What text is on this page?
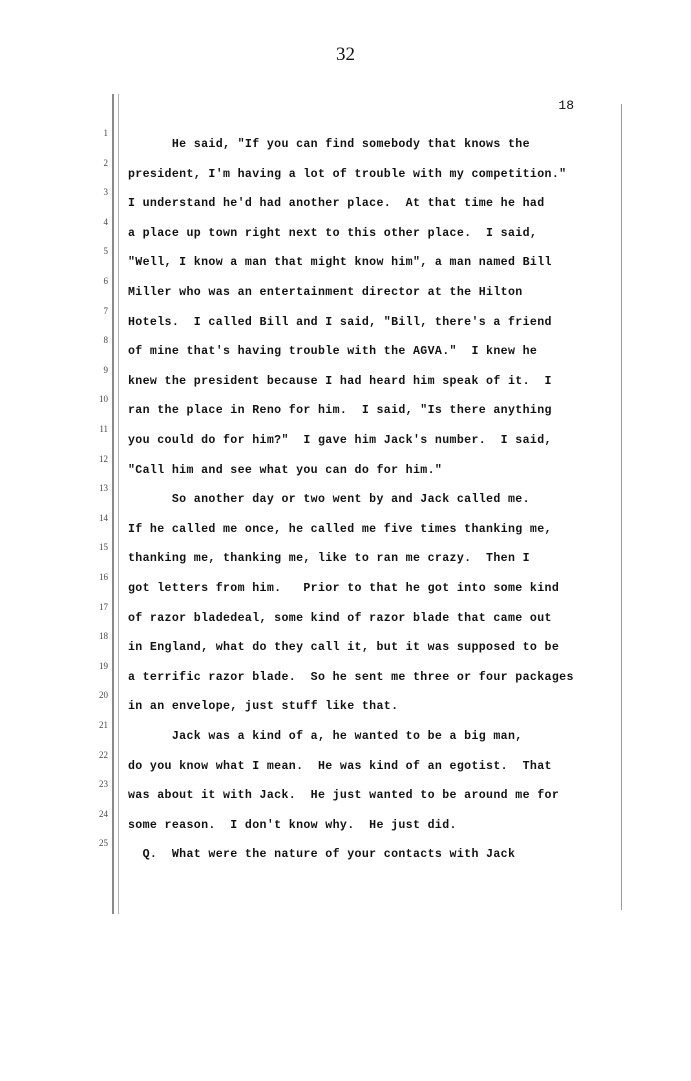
32
18
1
2
3
4
5
6
7
8
9
10
11
12
13
14
15
16
17
18
19
20
21
22
23
24
25
He said, "If you can find somebody that knows the
president, I'm having a lot of trouble with my competition."
I understand he'd had another place.  At that time he had
a place up town right next to this other place.  I said,
"Well, I know a man that might know him", a man named Bill
Miller who was an entertainment director at the Hilton
Hotels.  I called Bill and I said, "Bill, there's a friend
of mine that's having trouble with the AGVA."  I knew he
knew the president because I had heard him speak of it.  I
ran the place in Reno for him.  I said, "Is there anything
you could do for him?"  I gave him Jack's number.  I said,
"Call him and see what you can do for him."
So another day or two went by and Jack called me.
If he called me once, he called me five times thanking me,
thanking me, thanking me, like to ran me crazy.  Then I
got letters from him.   Prior to that he got into some kind
of razor bladedeal, some kind of razor blade that came out
in England, what do they call it, but it was supposed to be
a terrific razor blade.  So he sent me three or four packages
in an envelope, just stuff like that.
Jack was a kind of a, he wanted to be a big man,
do you know what I mean.  He was kind of an egotist.  That
was about it with Jack.  He just wanted to be around me for
some reason.  I don't know why.  He just did.
Q.  What were the nature of your contacts with Jack
